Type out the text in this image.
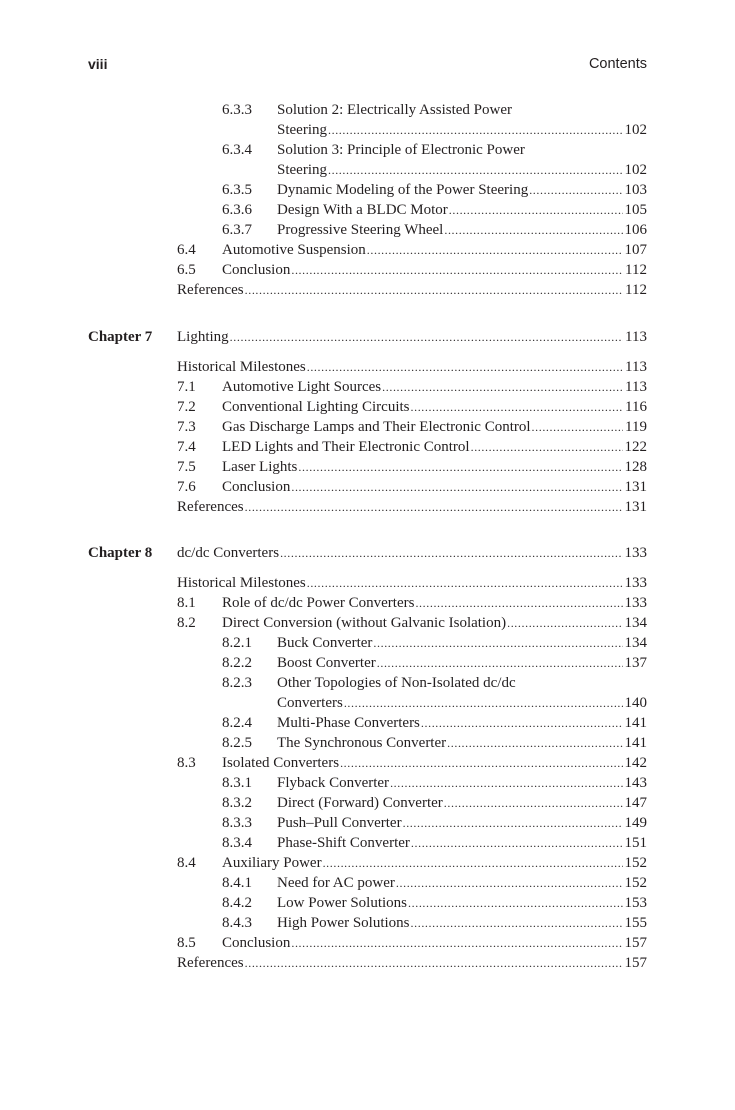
viii	Contents
6.3.3 Solution 2: Electrically Assisted Power
Steering . . .	102
6.3.4 Solution 3: Principle of Electronic Power
Steering . . .	102
6.3.5 Dynamic Modeling of the Power Steering . . .	103
6.3.6 Design With a BLDC Motor . . .	105
6.3.7 Progressive Steering Wheel . . .	106
6.4 Automotive Suspension . . .	107
6.5 Conclusion . . .	112
References . . .	112
Chapter 7 Lighting . . .	113
Historical Milestones . . .	113
7.1 Automotive Light Sources . . .	113
7.2 Conventional Lighting Circuits . . .	116
7.3 Gas Discharge Lamps and Their Electronic Control . . .	119
7.4 LED Lights and Their Electronic Control . . .	122
7.5 Laser Lights . . .	128
7.6 Conclusion . . .	131
References . . .	131
Chapter 8 dc/dc Converters . . .	133
Historical Milestones . . .	133
8.1 Role of dc/dc Power Converters . . .	133
8.2 Direct Conversion (without Galvanic Isolation) . . .	134
8.2.1 Buck Converter . . .	134
8.2.2 Boost Converter . . .	137
8.2.3 Other Topologies of Non-Isolated dc/dc
Converters . . .	140
8.2.4 Multi-Phase Converters . . .	141
8.2.5 The Synchronous Converter . . .	141
8.3 Isolated Converters . . .	142
8.3.1 Flyback Converter . . .	143
8.3.2 Direct (Forward) Converter . . .	147
8.3.3 Push–Pull Converter . . .	149
8.3.4 Phase-Shift Converter . . .	151
8.4 Auxiliary Power . . .	152
8.4.1 Need for AC power . . .	152
8.4.2 Low Power Solutions . . .	153
8.4.3 High Power Solutions . . .	155
8.5 Conclusion . . .	157
References . . .	157
